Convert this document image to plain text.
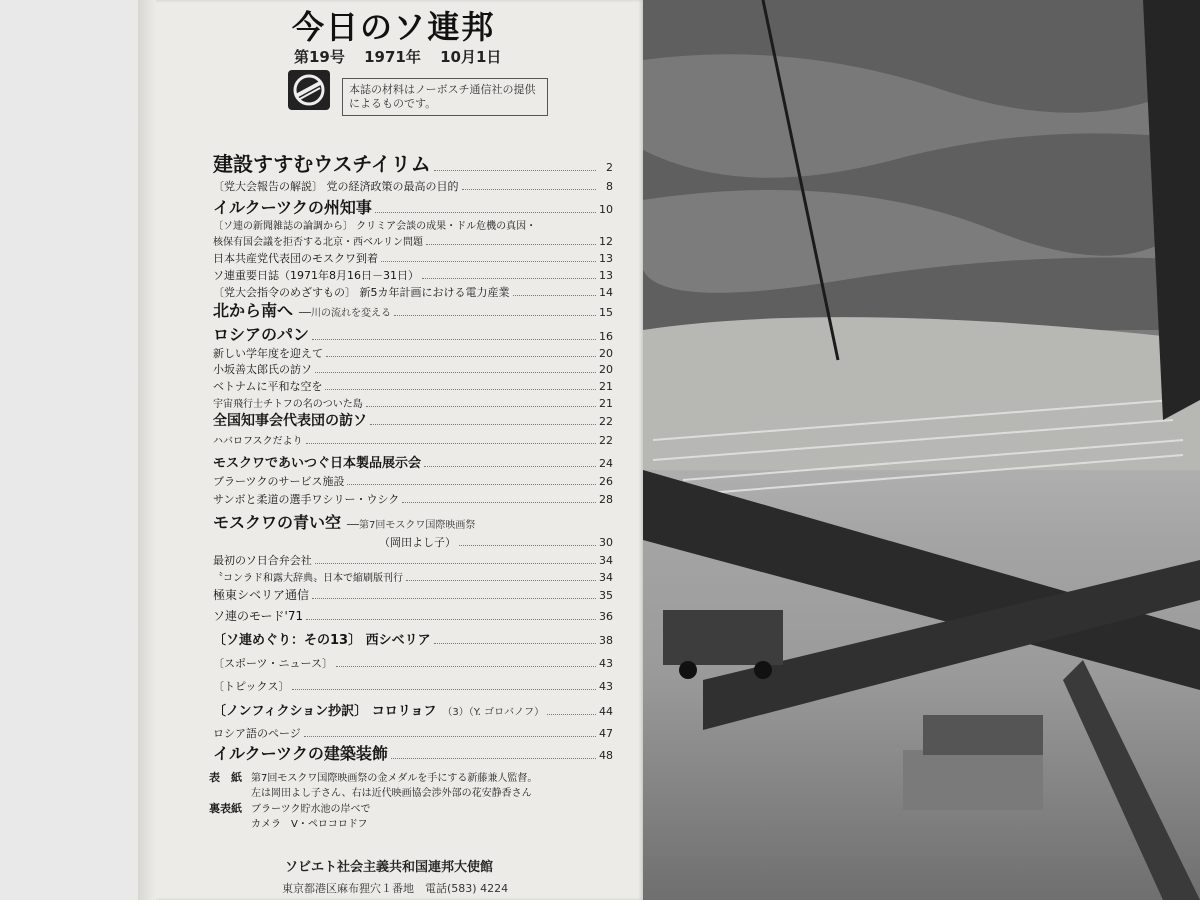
今日のソ連邦
第19号 1971年 10月1日
本誌の材料はノーボスチ通信社の提供によるものです。
建設すすむウスチイリム	2
〔党大会報告の解説〕 党の経済政策の最高の目的	8
イルクーツクの州知事	10
〔ソ連の新聞雑誌の論調から〕 クリミア会談の成果・ドル危機の真因・
核保有国会議を拒否する北京・西ベルリン問題	12
日本共産党代表団のモスクワ到着	13
ソ連重要日誌（1971年8月16日－31日）	13
〔党大会指令のめざすもの〕 新5カ年計画における電力産業	14
北から南へ ──川の流れを変える	15
ロシアのパン	16
新しい学年度を迎えて	20
小坂善太郎氏の訪ソ	20
ベトナムに平和な空を	21
宇宙飛行士チトフの名のついた島	21
全国知事会代表団の訪ソ	22
ハバロフスクだより	22
モスクワであいつぐ日本製品展示会	24
ブラーツクのサービス施設	26
サンボと柔道の選手ワシリー・ウシク	28
モスクワの青い空 ──第7回モスクワ国際映画祭
（岡田よし子）	30
最初のソ日合弁会社	34
〝コンラド和露大辞典〟日本で縮刷版刊行	34
極東シベリア通信	35
ソ連のモード'71	36
〔ソ連めぐり：その13〕 西シベリア	38
〔スポーツ・ニュース〕	43
〔トピックス〕	43
〔ノンフィクション抄訳〕 コロリョフ （3）（Y. ゴロバノフ）	44
ロシア語のページ	47
イルクーツクの建築装飾	48
表　紙 第7回モスクワ国際映画祭の金メダルを手にする新藤兼人監督。
左は岡田よし子さん、右は近代映画協会渉外部の花安静香さん
裏表紙 ブラーツク貯水池の岸べで
カメラ　V・ペロコロドフ
ソビエト社会主義共和国連邦大使館
東京都港区麻布狸穴１番地　 電話(583) 4224
